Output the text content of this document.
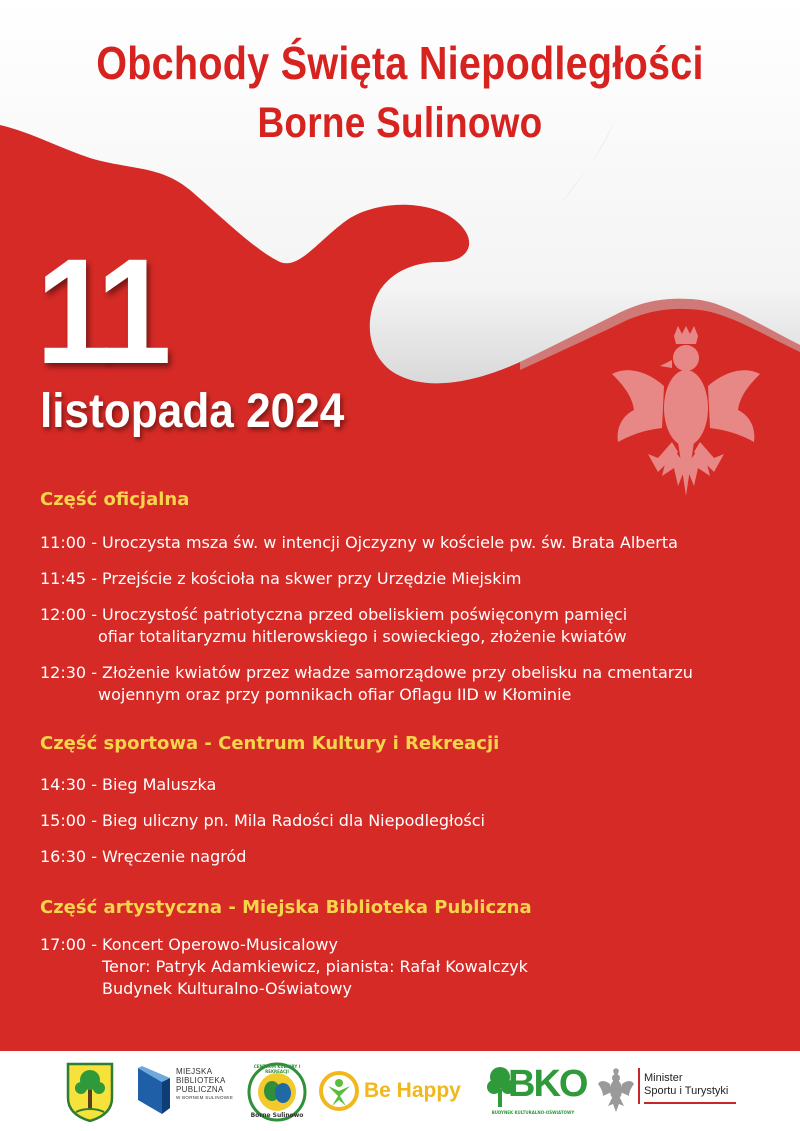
Obchody Święta Niepodległości
Borne Sulinowo
11
listopada 2024
Część oficjalna
11:00 - Uroczysta msza św. w intencji Ojczyzny w kościele pw. św. Brata Alberta
11:45 - Przejście z kościoła na skwer przy Urzędzie Miejskim
12:00 - Uroczystość patriotyczna przed obeliskiem poświęconym pamięci
ofiar totalitaryzmu hitlerowskiego i sowieckiego, złożenie kwiatów
12:30 - Złożenie kwiatów przez władze samorządowe przy obelisku na cmentarzu
wojennym oraz przy pomnikach ofiar Oflagu IID w Kłominie
Część sportowa - Centrum Kultury i Rekreacji
14:30 - Bieg Maluszka
15:00 - Bieg uliczny pn. Mila Radości dla Niepodległości
16:30 - Wręczenie nagród
Część artystyczna - Miejska Biblioteka Publiczna
17:00 - Koncert Operowo-Musicalowy
Tenor: Patryk Adamkiewicz, pianista: Rafał Kowalczyk
Budynek Kulturalno-Oświatowy
MIEJSKA
BIBLIOTEKA
PUBLICZNA
W BORNEM SULINOWIE
CENTRUM KULTURY I REKREACJI
Borne Sulinowo
Be Happy BKO
BUDYNEK KULTURALNO-OŚWIATOWY
Minister
Sportu i Turystyki
